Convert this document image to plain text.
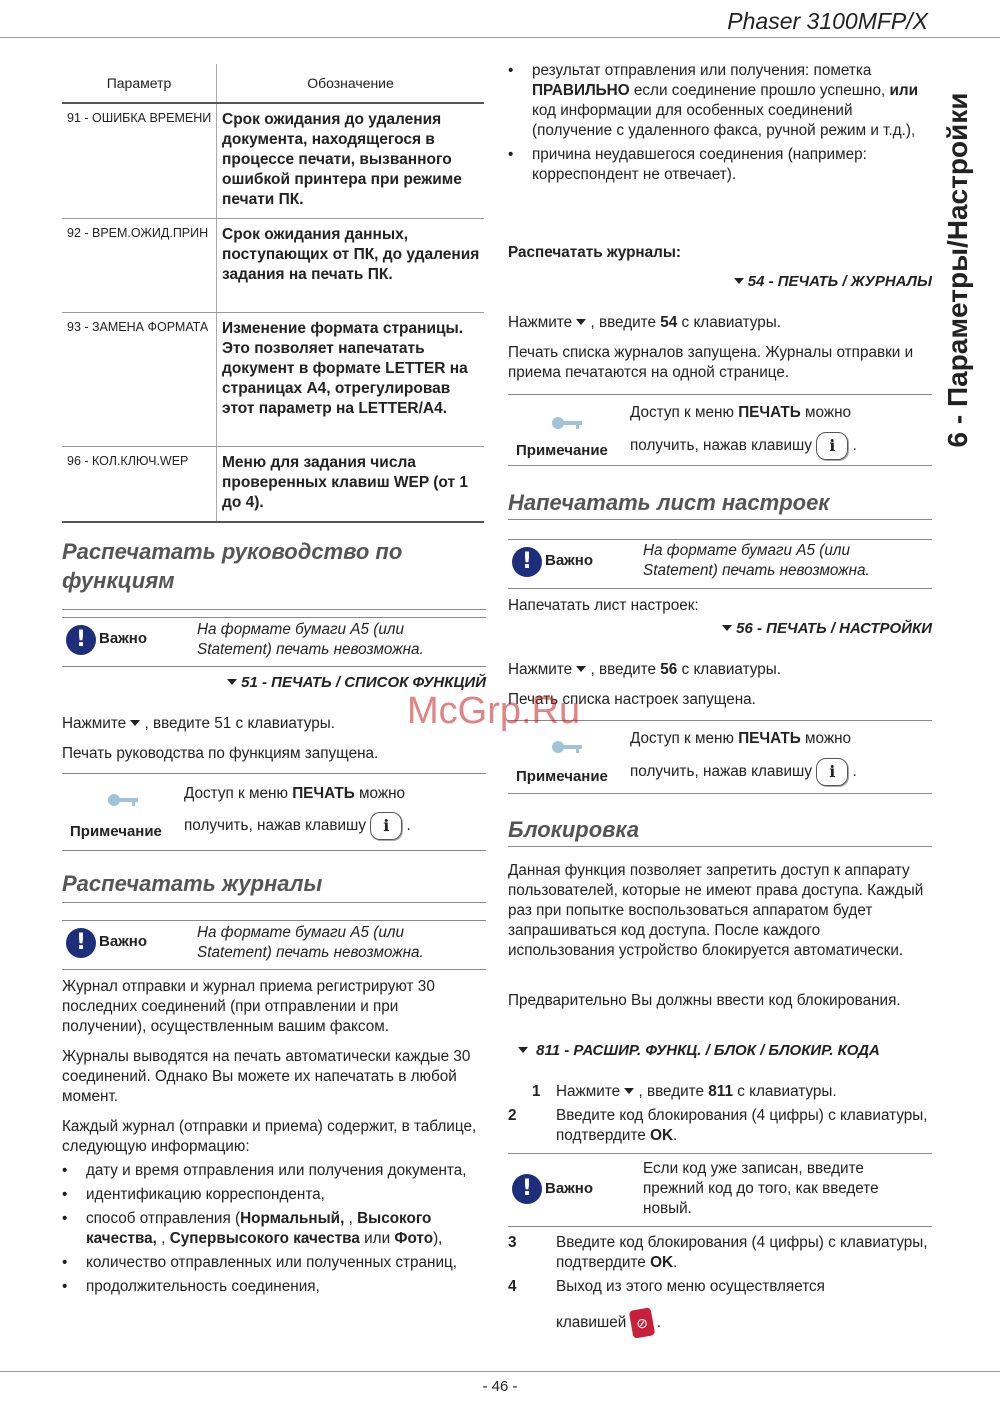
Phaser 3100MFP/X
6 - Параметры/Настройки
Параметр	Обозначение
91 - ОШИБКА ВРЕМЕНИ	Срок ожидания до удаления документа, находящегося в процессе печати, вызванного ошибкой принтера при режиме печати ПК.
92 - ВРЕМ.ОЖИД.ПРИН	Срок ожидания данных, поступающих от ПК, до удаления задания на печать ПК.
93 - ЗАМЕНА ФОРМАТА	Изменение формата страницы. Это позволяет напечатать документ в формате LETTER на страницах A4, отрегулировав этот параметр на LETTER/A4.
96 - КОЛ.КЛЮЧ.WEP	Меню для задания числа проверенных клавиш WEP (от 1 до 4).
Распечатать руководство по функциям
! Важно
На формате бумаги A5 (или Statement) печать невозможна.
51 - ПЕЧАТЬ / СПИСОК ФУНКЦИЙ

Нажмите , введите 51 с клавиатуры.

Печать руководства по функциям запущена.

Примечание

Доступ к меню ПЕЧАТЬ можно

получить, нажав клавишу i .

Распечатать журналы
! Важно
На формате бумаги A5 (или Statement) печать невозможна.

Журнал отправки и журнал приема регистрируют 30 последних соединений (при отправлении и при получении), осуществленным вашим факсом.

Журналы выводятся на печать автоматически каждые 30 соединений. Однако Вы можете их напечатать в любой момент.

Каждый журнал (отправки и приема) содержит, в таблице, следующую информацию:

• дату и время отправления или получения документа,
• идентификацию корреспондента,
• способ отправления (Нормальный, , Высокого качества, , Супервысокого качества или Фото),
• количество отправленных или полученных страниц,
• продолжительность соединения,
• результат отправления или получения: пометка ПРАВИЛЬНО если соединение прошло успешно, или
код информации для особенных соединений (получение с удаленного факса, ручной режим и т.д.),
• причина неудавшегося соединения (например: корреспондент не отвечает).

Распечатать журналы:

54 - ПЕЧАТЬ / ЖУРНАЛЫ

Нажмите , введите 54 с клавиатуры.

Печать списка журналов запущена. Журналы отправки и приема печатаются на одной странице.

Примечание

Доступ к меню ПЕЧАТЬ можно

получить, нажав клавишу i .

Напечатать лист настроек
! Важно
На формате бумаги A5 (или Statement) печать невозможна.

Напечатать лист настроек:

56 - ПЕЧАТЬ / НАСТРОЙКИ

Нажмите , введите 56 с клавиатуры.

Печать списка настроек запущена.

Примечание

Доступ к меню ПЕЧАТЬ можно

получить, нажав клавишу i .

Блокировка

Данная функция позволяет запретить доступ к аппарату пользователей, которые не имеют права доступа. Каждый раз при попытке воспользоваться аппаратом будет запрашиваться код доступа. После каждого использования устройство блокируется автоматически.

Предварительно Вы должны ввести код блокирования.

811 - РАСШИР. ФУНКЦ. / БЛОК / БЛОКИР. КОДА

1 Нажмите , введите 811 с клавиатуры.

2	Введите код блокирования (4 цифры) с клавиатуры, подтвердите OK.

! Важно

Если код уже записан, введите прежний код до того, как введете новый.

3	Введите код блокирования (4 цифры) с клавиатуры, подтвердите OK.

4	Выход из этого меню осуществляется

клавишей ⊘ .

McGrp.Ru
- 46 -
